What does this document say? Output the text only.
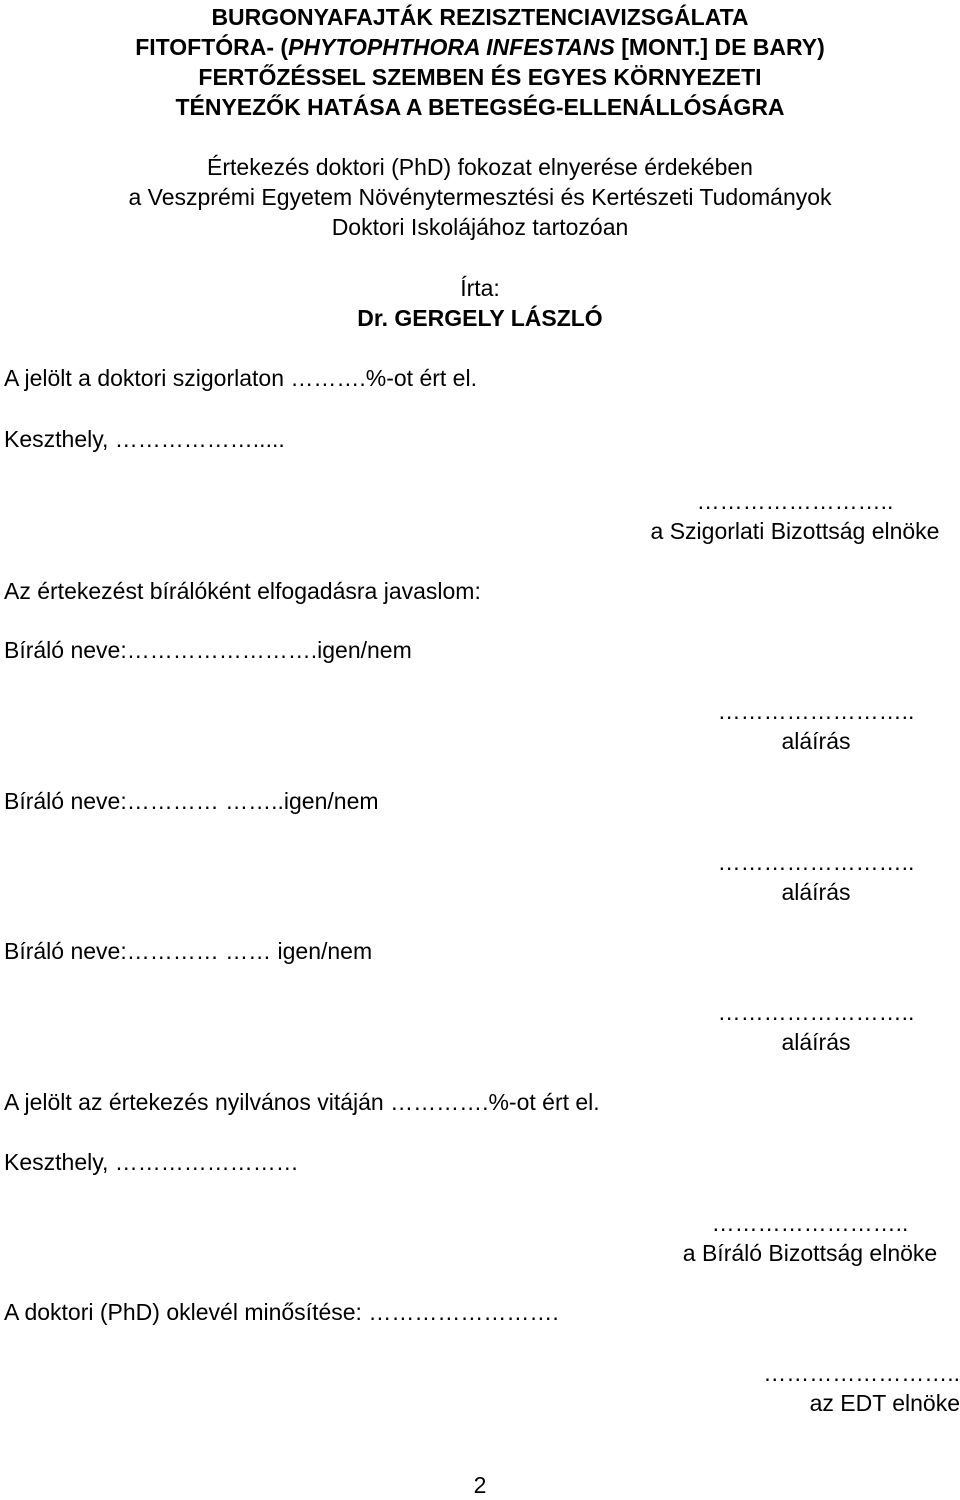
BURGONYAFAJTÁK REZISZTENCIAVIZSGÁLATA
FITOFTÓRA- (PHYTOPHTHORA INFESTANS [MONT.] DE BARY)
FERTŐZÉSSEL SZEMBEN ÉS EGYES KÖRNYEZETI
TÉNYEZŐK HATÁSA A BETEGSÉG-ELLENÁLLÓSÁGRA
Értekezés doktori (PhD) fokozat elnyerése érdekében
a Veszprémi Egyetem Növénytermesztési és Kertészeti Tudományok
Doktori Iskolájához tartozóan
Írta:
Dr. GERGELY LÁSZLÓ
A jelölt a doktori szigorlaton ……….%-ot ért el.
Keszthely, ……………….....
……………………..
a Szigorlati Bizottság elnöke
Az értekezést bírálóként elfogadásra javaslom:
Bíráló neve:…………………….igen/nem
……………………..
aláírás
Bíráló neve:………… ……..igen/nem
……………………..
aláírás
Bíráló neve:………… …… igen/nem
……………………..
aláírás
A jelölt az értekezés nyilvános vitáján ………….%-ot ért el.
Keszthely, ……………………
……………………..
a Bíráló Bizottság elnöke
A doktori (PhD) oklevél minősítése: …………………….
……………………..
az EDT elnöke
2
